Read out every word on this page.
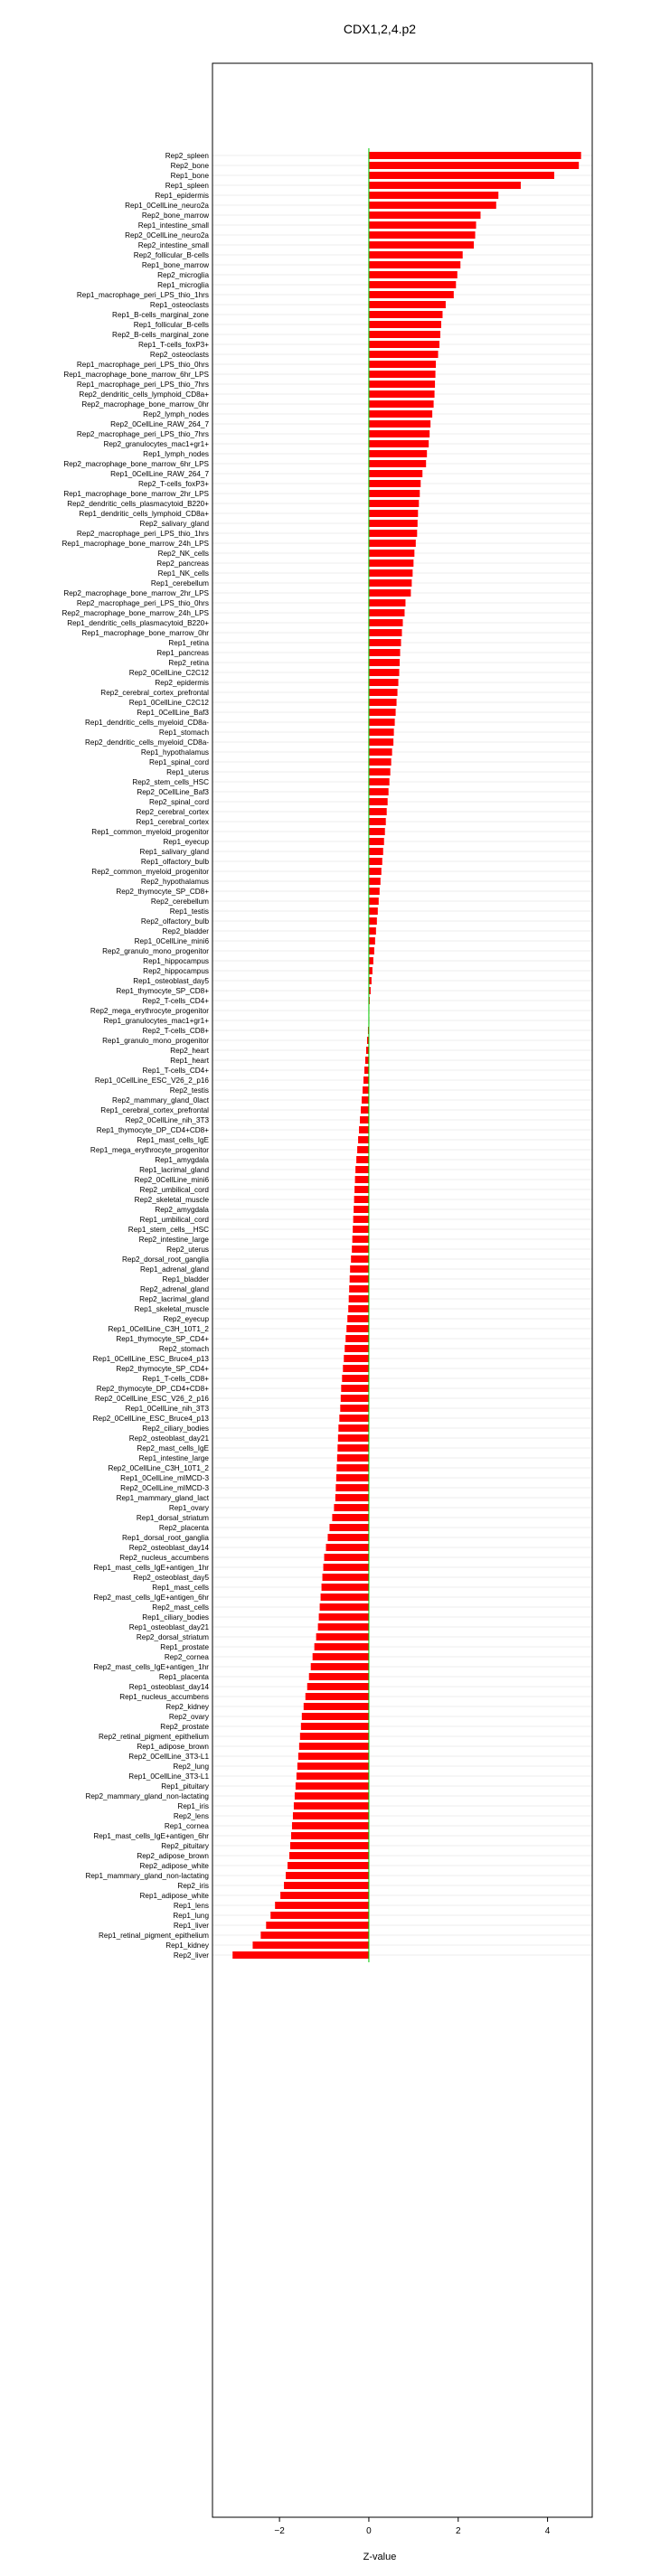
CDX1,2,4.p2
Rep2_spleen
Rep2_bone
Rep1_bone
Rep1_spleen
Rep1_epidermis
Rep1_0CellLine_neuro2a
Rep2_bone_marrow
Rep1_intestine_small
Rep2_0CellLine_neuro2a
Rep2_intestine_small
Rep2_follicular_B-cells
Rep1_bone_marrow
Rep2_microglia
Rep1_microglia
Rep1_macrophage_peri_LPS_thio_1hrs
Rep1_osteoclasts
Rep1_B-cells_marginal_zone
Rep1_follicular_B-cells
Rep2_B-cells_marginal_zone
Rep1_T-cells_foxP3+
Rep2_osteoclasts
Rep1_macrophage_peri_LPS_thio_0hrs
Rep1_macrophage_bone_marrow_6hr_LPS
Rep1_macrophage_peri_LPS_thio_7hrs
Rep2_dendritic_cells_lymphoid_CD8a+
Rep2_macrophage_bone_marrow_0hr
Rep2_lymph_nodes
Rep2_0CellLine_RAW_264_7
Rep2_macrophage_peri_LPS_thio_7hrs
Rep2_granulocytes_mac1+gr1+
Rep1_lymph_nodes
Rep2_macrophage_bone_marrow_6hr_LPS
Rep1_0CellLine_RAW_264_7
Rep2_T-cells_foxP3+
Rep1_macrophage_bone_marrow_2hr_LPS
Rep2_dendritic_cells_plasmacytoid_B220+
Rep1_dendritic_cells_lymphoid_CD8a+
Rep2_salivary_gland
Rep2_macrophage_peri_LPS_thio_1hrs
Rep1_macrophage_bone_marrow_24h_LPS
Rep2_NK_cells
Rep2_pancreas
Rep1_NK_cells
Rep1_cerebellum
Rep2_macrophage_bone_marrow_2hr_LPS
Rep2_macrophage_peri_LPS_thio_0hrs
Rep2_macrophage_bone_marrow_24h_LPS
Rep1_dendritic_cells_plasmacytoid_B220+
Rep1_macrophage_bone_marrow_0hr
Rep1_retina
Rep1_pancreas
Rep2_retina
Rep2_0CellLine_C2C12
Rep2_epidermis
Rep2_cerebral_cortex_prefrontal
Rep1_0CellLine_C2C12
Rep1_0CellLine_Baf3
Rep1_dendritic_cells_myeloid_CD8a-
Rep1_stomach
Rep2_dendritic_cells_myeloid_CD8a-
Rep1_hypothalamus
Rep1_spinal_cord
Rep1_uterus
Rep2_stem_cells_HSC
Rep2_0CellLine_Baf3
Rep2_spinal_cord
Rep2_cerebral_cortex
Rep1_cerebral_cortex
Rep1_common_myeloid_progenitor
Rep1_eyecup
Rep1_salivary_gland
Rep1_olfactory_bulb
Rep2_common_myeloid_progenitor
Rep2_hypothalamus
Rep2_thymocyte_SP_CD8+
Rep2_cerebellum
Rep1_testis
Rep2_olfactory_bulb
Rep2_bladder
Rep1_0CellLine_mini6
Rep2_granulo_mono_progenitor
Rep1_hippocampus
Rep2_hippocampus
Rep1_osteoblast_day5
Rep1_thymocyte_SP_CD8+
Rep2_T-cells_CD4+
Rep2_mega_erythrocyte_progenitor
Rep1_granulocytes_mac1+gr1+
Rep2_T-cells_CD8+
Rep1_granulo_mono_progenitor
Rep2_heart
Rep1_heart
Rep1_T-cells_CD4+
Rep1_0CellLine_ESC_V26_2_p16
Rep2_testis
Rep2_mammary_gland_0lact
Rep1_cerebral_cortex_prefrontal
Rep2_0CellLine_nih_3T3
Rep1_thymocyte_DP_CD4+CD8+
Rep1_mast_cells_IgE
Rep1_mega_erythrocyte_progenitor
Rep1_amygdala
Rep1_lacrimal_gland
Rep2_0CellLine_mini6
Rep2_umbilical_cord
Rep2_skeletal_muscle
Rep2_amygdala
Rep1_umbilical_cord
Rep1_stem_cells__HSC
Rep2_intestine_large
Rep2_uterus
Rep2_dorsal_root_ganglia
Rep1_adrenal_gland
Rep1_bladder
Rep2_adrenal_gland
Rep2_lacrimal_gland
Rep1_skeletal_muscle
Rep2_eyecup
Rep1_0CellLine_C3H_10T1_2
Rep1_thymocyte_SP_CD4+
Rep2_stomach
Rep1_0CellLine_ESC_Bruce4_p13
Rep2_thymocyte_SP_CD4+
Rep1_T-cells_CD8+
Rep2_thymocyte_DP_CD4+CD8+
Rep2_0CellLine_ESC_V26_2_p16
Rep1_0CellLine_nih_3T3
Rep2_0CellLine_ESC_Bruce4_p13
Rep2_ciliary_bodies
Rep2_osteoblast_day21
Rep2_mast_cells_IgE
Rep1_intestine_large
Rep2_0CellLine_C3H_10T1_2
Rep1_0CellLine_mIMCD-3
Rep2_0CellLine_mIMCD-3
Rep1_mammary_gland_lact
Rep1_ovary
Rep1_dorsal_striatum
Rep2_placenta
Rep1_dorsal_root_ganglia
Rep2_osteoblast_day14
Rep2_nucleus_accumbens
Rep1_mast_cells_IgE+antigen_1hr
Rep2_osteoblast_day5
Rep1_mast_cells
Rep2_mast_cells_IgE+antigen_6hr
Rep2_mast_cells
Rep1_ciliary_bodies
Rep1_osteoblast_day21
Rep2_dorsal_striatum
Rep1_prostate
Rep2_cornea
Rep2_mast_cells_IgE+antigen_1hr
Rep1_placenta
Rep1_osteoblast_day14
Rep1_nucleus_accumbens
Rep2_kidney
Rep2_ovary
Rep2_prostate
Rep2_retinal_pigment_epithelium
Rep1_adipose_brown
Rep2_0CellLine_3T3-L1
Rep2_lung
Rep1_0CellLine_3T3-L1
Rep1_pituitary
Rep2_mammary_gland_non-lactating
Rep1_iris
Rep2_lens
Rep1_cornea
Rep1_mast_cells_IgE+antigen_6hr
Rep2_pituitary
Rep2_adipose_brown
Rep2_adipose_white
Rep1_mammary_gland_non-lactating
Rep2_iris
Rep1_adipose_white
Rep1_lens
Rep1_lung
Rep1_liver
Rep1_retinal_pigment_epithelium
Rep1_kidney
Rep2_liver
−2	0	2	4
Z-value
